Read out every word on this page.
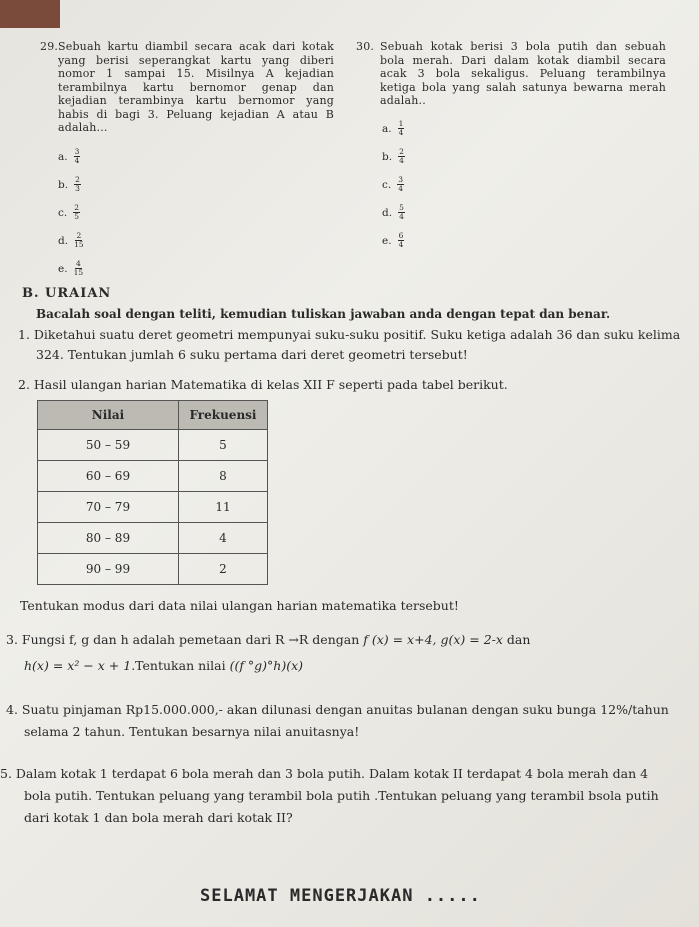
29. Sebuah kartu diambil secara acak dari kotak yang berisi seperangkat kartu yang diberi nomor 1 sampai 15. Misilnya A kejadian terambilnya kartu bernomor genap dan kejadian terambinya kartu bernomor yang habis di bagi 3. Peluang kejadian A atau B adalah...
a. $\frac{3}{4}$
b. $\frac{2}{3}$
c. $\frac{2}{5}$
d. $\frac{2}{15}$
e. $\frac{4}{15}$
30. Sebuah kotak berisi 3 bola putih dan sebuah bola merah. Dari dalam kotak diambil secara acak 3 bola sekaligus. Peluang terambilnya ketiga bola yang salah satunya bewarna merah adalah..
a. $\frac{1}{4}$
b. $\frac{2}{4}$
c. $\frac{3}{4}$
d. $\frac{5}{4}$
e. $\frac{6}{4}$
B. URAIAN
Bacalah soal dengan teliti, kemudian tuliskan jawaban anda dengan tepat dan benar.
1. Diketahui suatu deret geometri mempunyai suku-suku positif. Suku ketiga adalah 36 dan suku kelima
324. Tentukan jumlah 6 suku pertama dari deret geometri tersebut!
2. Hasil ulangan harian Matematika di kelas XII F seperti pada tabel berikut.
Nilai	Frekuensi
50 – 59	5
60 – 69	8
70 – 79	11
80 – 89	4
90 – 99	2
Tentukan modus dari data nilai ulangan harian matematika tersebut!
3. Fungsi f, g dan h adalah pemetaan dari R →R dengan f (x) = x+4, g(x) = 2-x dan
h(x) = x² − x + 1.Tentukan nilai ((f °g)°h)(x)
4. Suatu pinjaman Rp15.000.000,- akan dilunasi dengan anuitas bulanan dengan suku bunga 12%/tahun
selama 2 tahun. Tentukan besarnya nilai anuitasnya!
5. Dalam kotak 1 terdapat 6 bola merah dan 3 bola putih. Dalam kotak II terdapat 4 bola merah dan 4
bola putih. Tentukan peluang yang terambil bola putih .Tentukan peluang yang terambil bsola putih
dari kotak 1 dan bola merah dari kotak II?
SELAMAT MENGERJAKAN .....
